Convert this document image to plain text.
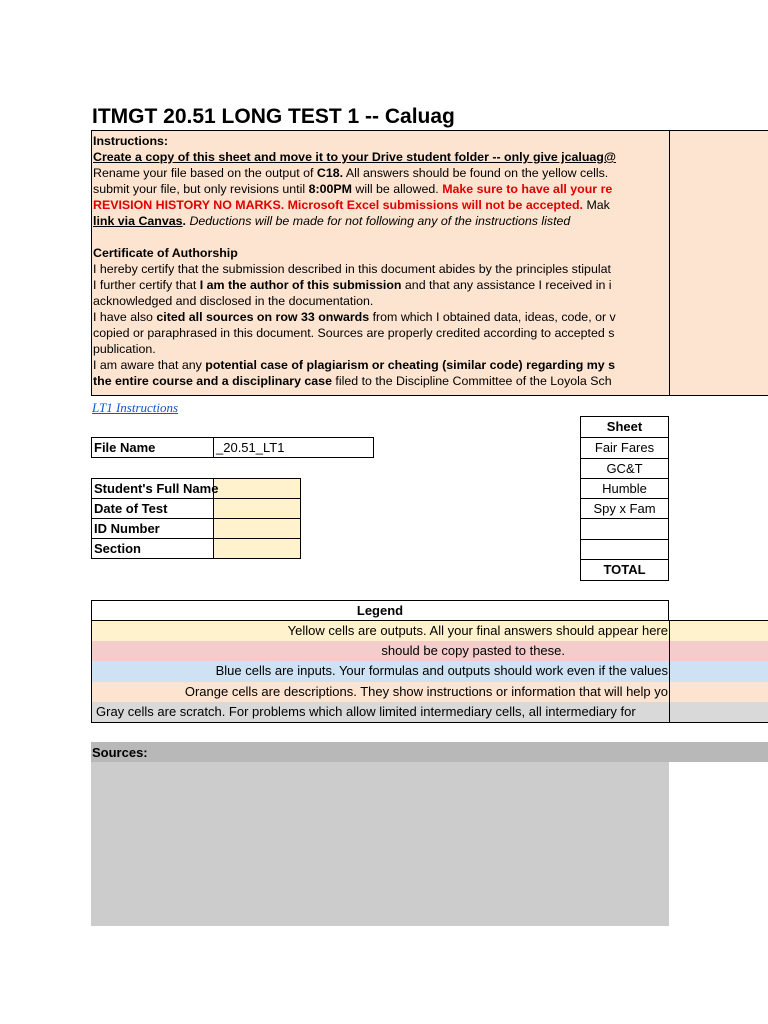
ITMGT 20.51 LONG TEST 1 -- Caluag
Instructions:
Create a copy of this sheet and move it to your Drive student folder -- only give jcaluag@
Rename your file based on the output of C18. All answers should be found on the yellow cells.
submit your file, but only revisions until 8:00PM will be allowed. Make sure to have all your re
REVISION HISTORY NO MARKS. Microsoft Excel submissions will not be accepted. Mak
link via Canvas. Deductions will be made for not following any of the instructions listed
Certificate of Authorship
I hereby certify that the submission described in this document abides by the principles stipulat
I further certify that I am the author of this submission and that any assistance I received in i
acknowledged and disclosed in the documentation.
I have also cited all sources on row 33 onwards from which I obtained data, ideas, code, or v
copied or paraphrased in this document. Sources are properly credited according to accepted s
publication.
I am aware that any potential case of plagiarism or cheating (similar code) regarding my s
the entire course and a disciplinary case filed to the Discipline Committee of the Loyola Sch
LT1 Instructions
File Name	_20.51_LT1
Student's Full Name
Date of Test
ID Number
Section
Sheet
Fair Fares
GC&T
Humble
Spy x Fam
TOTAL
Legend
Yellow cells are outputs. All your final answers should appear here
should be copy pasted to these.
Blue cells are inputs. Your formulas and outputs should work even if the values
Orange cells are descriptions. They show instructions or information that will help yo
Gray cells are scratch. For problems which allow limited intermediary cells, all intermediary for
Sources:
